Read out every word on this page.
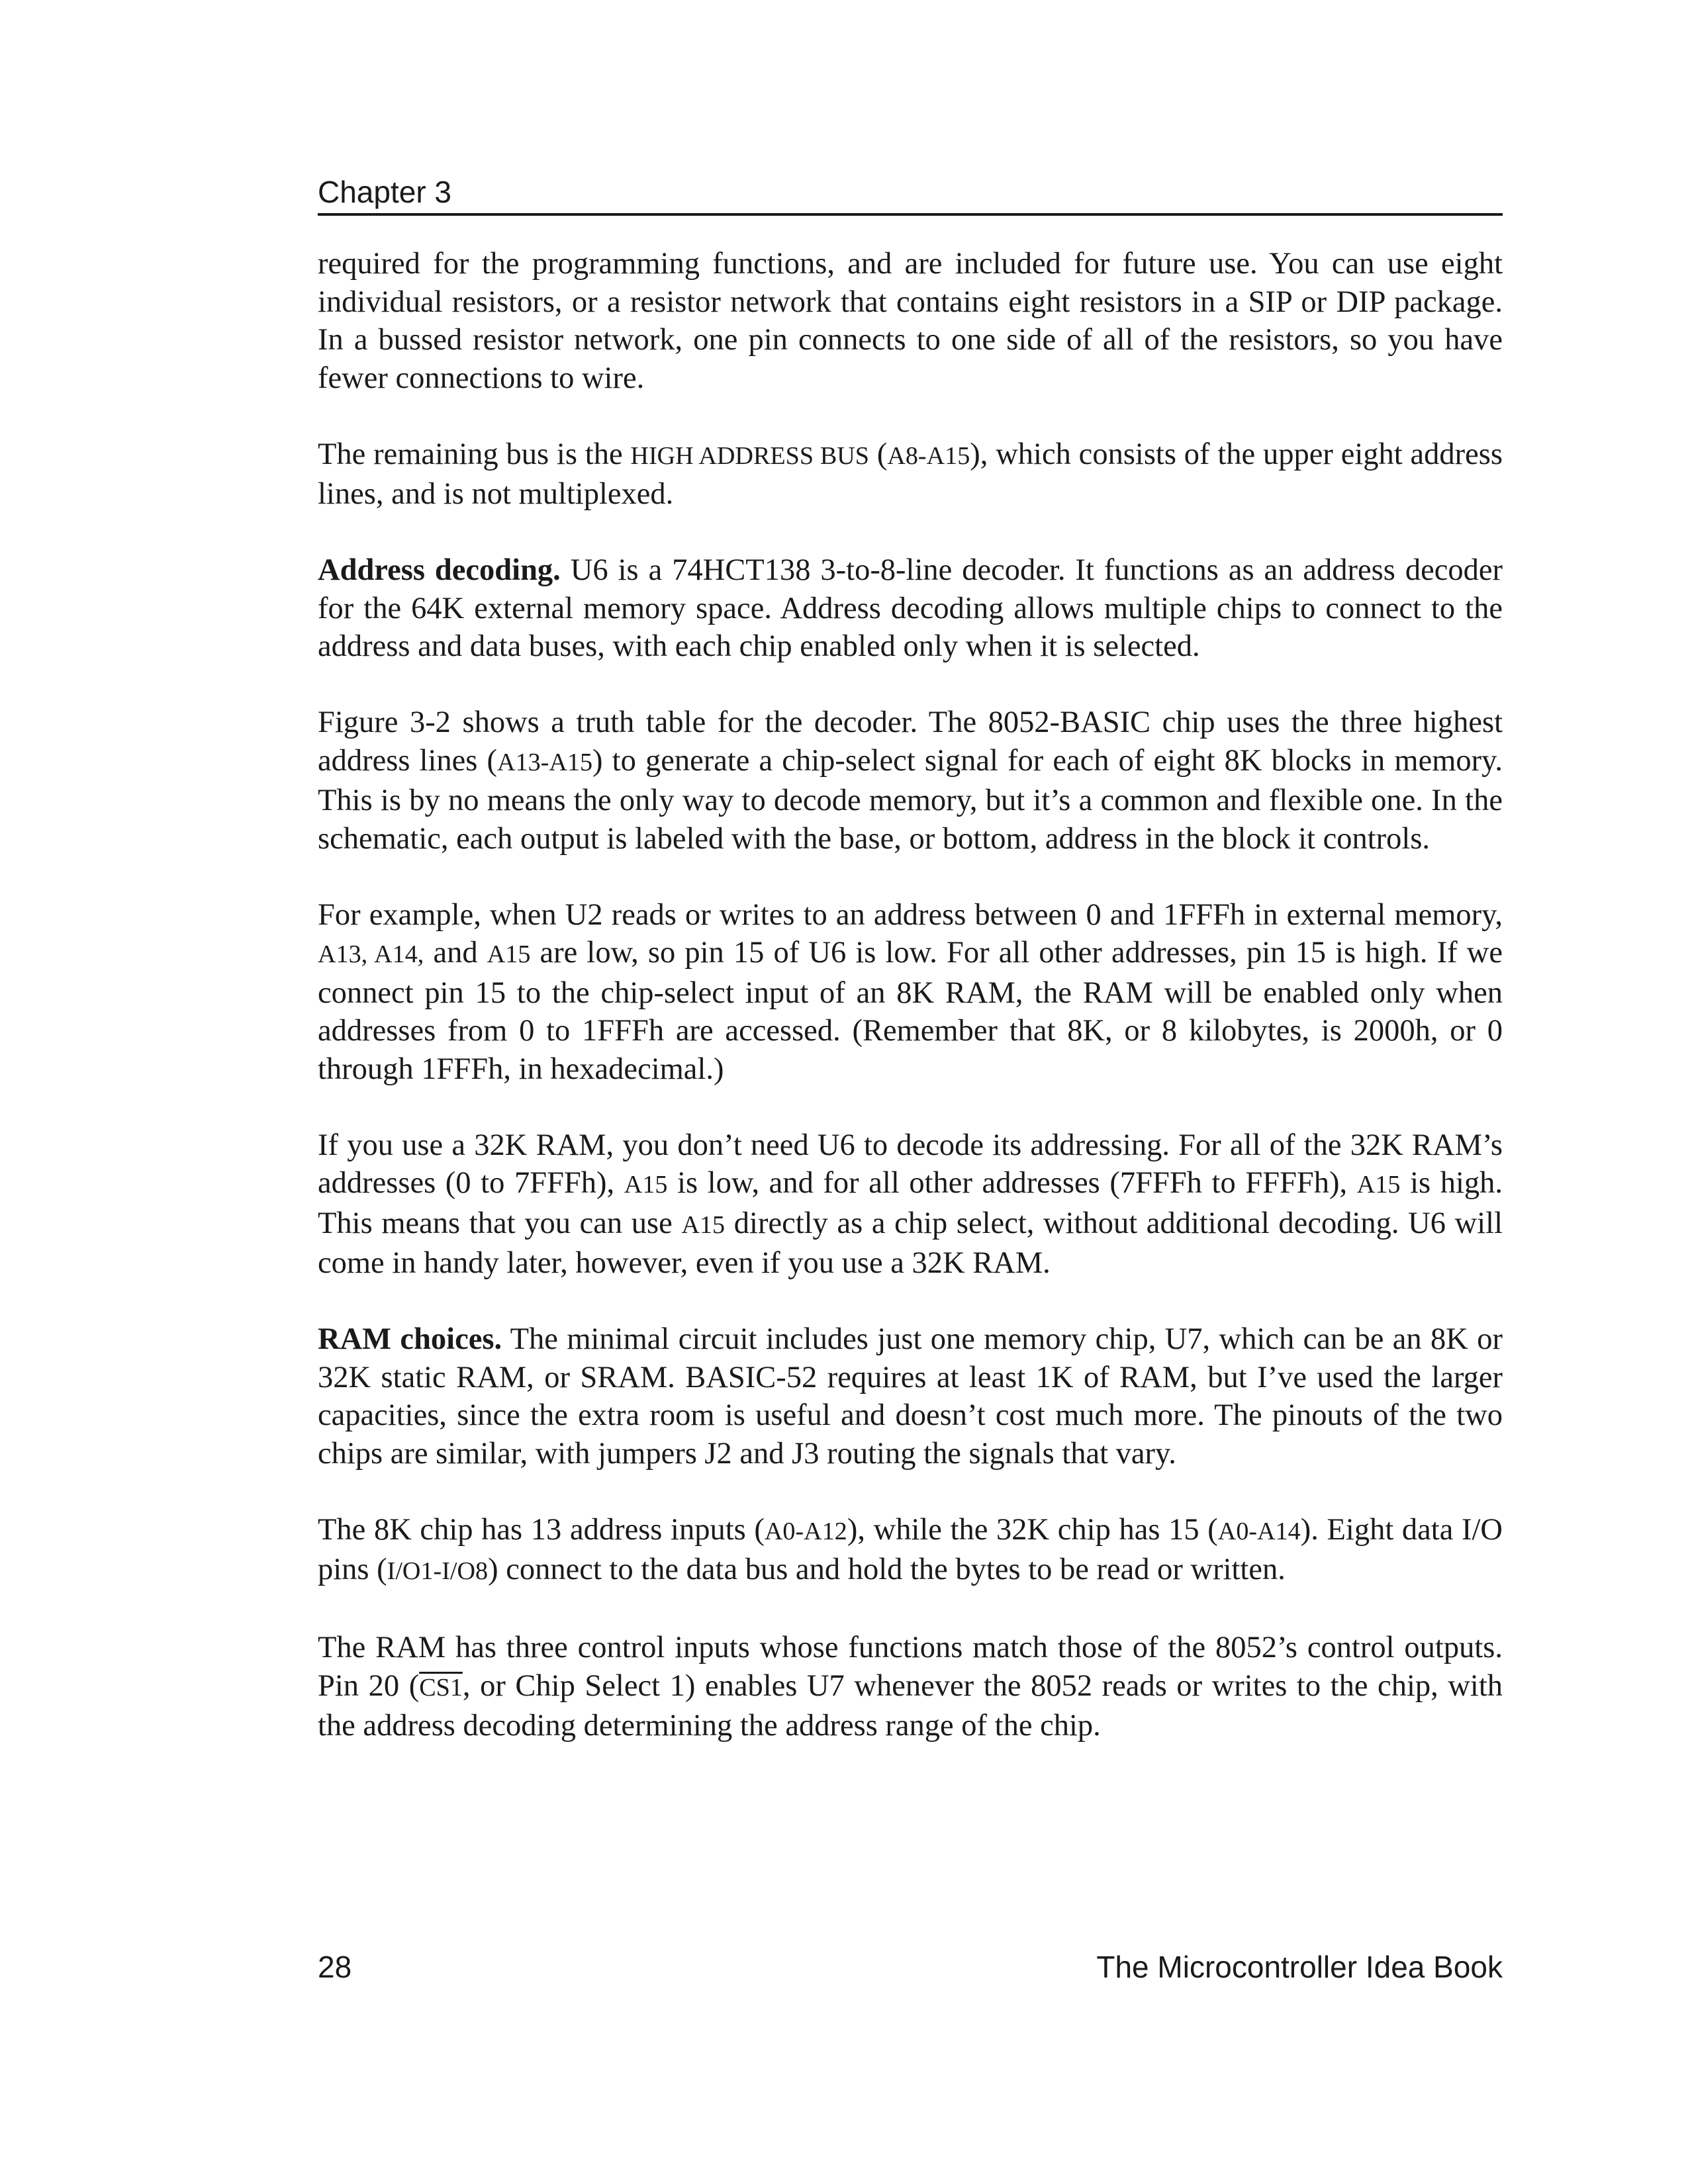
Chapter 3

required for the programming functions, and are included for future use. You can use eight individual resistors, or a resistor network that contains eight resistors in a SIP or DIP package. In a bussed resistor network, one pin connects to one side of all of the resistors, so you have fewer connections to wire.

The remaining bus is the HIGH ADDRESS BUS (A8-A15), which consists of the upper eight address lines, and is not multiplexed.

Address decoding. U6 is a 74HCT138 3-to-8-line decoder. It functions as an address decoder for the 64K external memory space. Address decoding allows multiple chips to connect to the address and data buses, with each chip enabled only when it is selected.

Figure 3-2 shows a truth table for the decoder. The 8052-BASIC chip uses the three highest address lines (A13-A15) to generate a chip-select signal for each of eight 8K blocks in memory. This is by no means the only way to decode memory, but it’s a common and flexible one. In the schematic, each output is labeled with the base, or bottom, address in the block it controls.

For example, when U2 reads or writes to an address between 0 and 1FFFh in external memory, A13, A14, and A15 are low, so pin 15 of U6 is low. For all other addresses, pin 15 is high. If we connect pin 15 to the chip-select input of an 8K RAM, the RAM will be enabled only when addresses from 0 to 1FFFh are accessed. (Remember that 8K, or 8 kilobytes, is 2000h, or 0 through 1FFFh, in hexadecimal.)

If you use a 32K RAM, you don’t need U6 to decode its addressing. For all of the 32K RAM’s addresses (0 to 7FFFh), A15 is low, and for all other addresses (7FFFh to FFFFh), A15 is high. This means that you can use A15 directly as a chip select, without additional decoding. U6 will come in handy later, however, even if you use a 32K RAM.

RAM choices. The minimal circuit includes just one memory chip, U7, which can be an 8K or 32K static RAM, or SRAM. BASIC-52 requires at least 1K of RAM, but I’ve used the larger capacities, since the extra room is useful and doesn’t cost much more. The pinouts of the two chips are similar, with jumpers J2 and J3 routing the signals that vary.

The 8K chip has 13 address inputs (A0-A12), while the 32K chip has 15 (A0-A14). Eight data I/O pins (I/O1-I/O8) connect to the data bus and hold the bytes to be read or written.

The RAM has three control inputs whose functions match those of the 8052’s control outputs. Pin 20 (CS1, or Chip Select 1) enables U7 whenever the 8052 reads or writes to the chip, with the address decoding determining the address range of the chip.

28	The Microcontroller Idea Book
